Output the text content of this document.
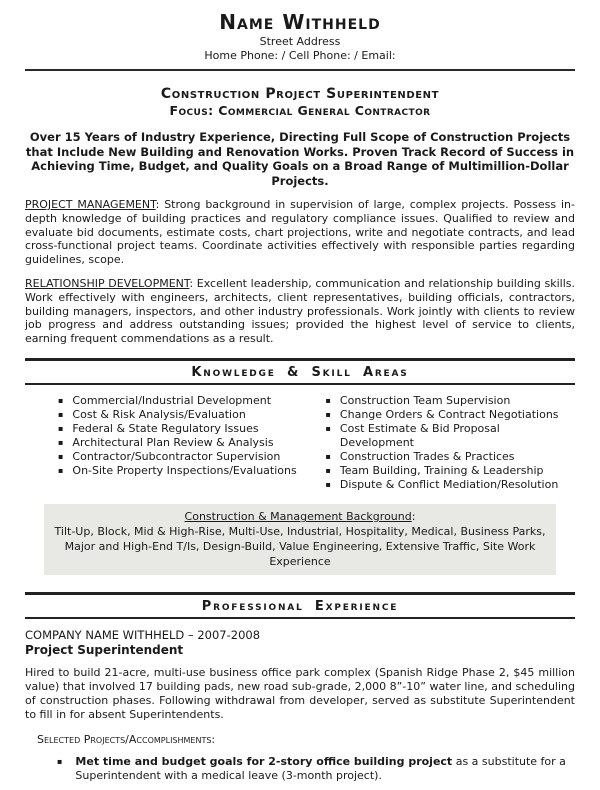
Name Withheld
Street Address
Home Phone: / Cell Phone: / Email:
Construction Project Superintendent
Focus: Commercial General Contractor
Over 15 Years of Industry Experience, Directing Full Scope of Construction Projects that Include New Building and Renovation Works. Proven Track Record of Success in Achieving Time, Budget, and Quality Goals on a Broad Range of Multimillion-Dollar Projects.

PROJECT MANAGEMENT: Strong background in supervision of large, complex projects. Possess in-depth knowledge of building practices and regulatory compliance issues. Qualified to review and evaluate bid documents, estimate costs, chart projections, write and negotiate contracts, and lead cross-functional project teams. Coordinate activities effectively with responsible parties regarding guidelines, scope.

RELATIONSHIP DEVELOPMENT: Excellent leadership, communication and relationship building skills. Work effectively with engineers, architects, client representatives, building officials, contractors, building managers, inspectors, and other industry professionals. Work jointly with clients to review job progress and address outstanding issues; provided the highest level of service to clients, earning frequent commendations as a result.

Knowledge & Skill Areas
▪ Commercial/Industrial Development
▪ Cost & Risk Analysis/Evaluation
▪ Federal & State Regulatory Issues
▪ Architectural Plan Review & Analysis
▪ Contractor/Subcontractor Supervision
▪ On-Site Property Inspections/Evaluations
▪ Construction Team Supervision
▪ Change Orders & Contract Negotiations
▪ Cost Estimate & Bid Proposal Development
▪ Construction Trades & Practices
▪ Team Building, Training & Leadership
▪ Dispute & Conflict Mediation/Resolution
Construction & Management Background:
Tilt-Up, Block, Mid & High-Rise, Multi-Use, Industrial, Hospitality, Medical, Business Parks, Major and High-End T/Is, Design-Build, Value Engineering, Extensive Traffic, Site Work Experience
Professional Experience
COMPANY NAME WITHHELD – 2007-2008
Project Superintendent

Hired to build 21-acre, multi-use business office park complex (Spanish Ridge Phase 2, $45 million value) that involved 17 building pads, new road sub-grade, 2,000 8”-10” water line, and scheduling of construction phases. Following withdrawal from developer, served as substitute Superintendent to fill in for absent Superintendents.

Selected Projects/Accomplishments:
▪ Met time and budget goals for 2-story office building project as a substitute for a Superintendent with a medical leave (3-month project).
